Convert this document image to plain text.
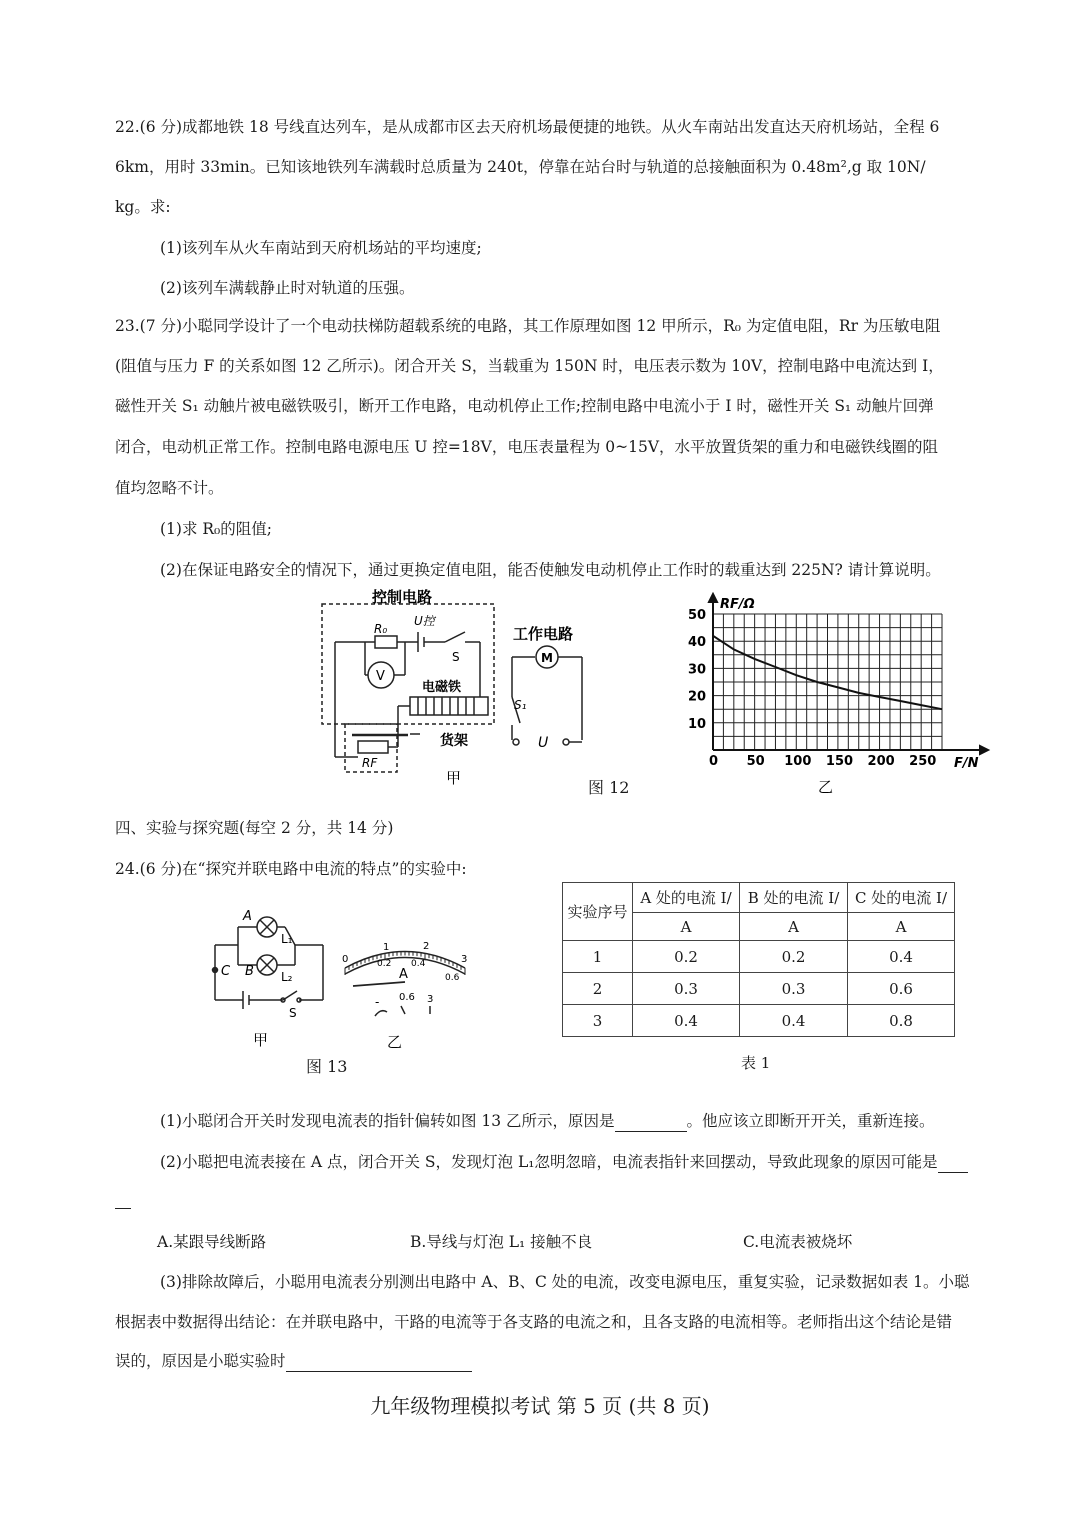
22.(6 分)成都地铁 18 号线直达列车，是从成都市区去天府机场最便捷的地铁。从火车南站出发直达天府机场站，全程 6
6km，用时 33min。已知该地铁列车满载时总质量为 240t，停靠在站台时与轨道的总接触面积为 0.48m²,g 取 10N/
kg。求:
(1)该列车从火车南站到天府机场站的平均速度;
(2)该列车满载静止时对轨道的压强。
23.(7 分)小聪同学设计了一个电动扶梯防超载系统的电路，其工作原理如图 12 甲所示，R₀ 为定值电阻，Rr 为压敏电阻
(阻值与压力 F 的关系如图 12 乙所示)。闭合开关 S，当载重为 150N 时，电压表示数为 10V，控制电路中电流达到 I，
磁性开关 S₁ 动触片被电磁铁吸引，断开工作电路，电动机停止工作;控制电路中电流小于 I 时，磁性开关 S₁ 动触片回弹
闭合，电动机正常工作。控制电路电源电压 U 控=18V，电压表量程为 0~15V，水平放置货架的重力和电磁铁线圈的阻
值均忽略不计。
(1)求 R₀的阻值;
(2)在保证电路安全的情况下，通过更换定值电阻，能否使触发电动机停止工作时的载重达到 225N? 请计算说明。
控制电路
R₀
U控
S
V
电磁铁
工作电路
M
S₁
U
货架
RF
甲	图 12
0 50 100 150 200 250
10
20
30
40
50
RF/Ω
F/N
乙
四、实验与探究题(每空 2 分，共 14 分)
24.(6 分)在“探究并联电路中电流的特点”的实验中:
A
B
C
L₁
L₂
S
甲
0
1	2
3
0.2 0.4
0.6
A
- 0.6 3
乙
图 13
实验序号	A 处的电流 I/	B 处的电流 I/	C 处的电流 I/
	A	A	A
1	0.2	0.2	0.4
2	0.3	0.3	0.6
3	0.4	0.4	0.8
表 1
(1)小聪闭合开关时发现电流表的指针偏转如图 13 乙所示，原因是	。他应该立即断开开关，重新连接。
(2)小聪把电流表接在 A 点，闭合开关 S，发现灯泡 L₁忽明忽暗，电流表指针来回摆动，导致此现象的原因可能是
A.某跟导线断路	B.导线与灯泡 L₁ 接触不良	C.电流表被烧坏
(3)排除故障后，小聪用电流表分别测出电路中 A、B、C 处的电流，改变电源电压，重复实验，记录数据如表 1。小聪
根据表中数据得出结论：在并联电路中，干路的电流等于各支路的电流之和，且各支路的电流相等。老师指出这个结论是错
误的，原因是小聪实验时
九年级物理模拟考试 第 5 页 (共 8 页)
